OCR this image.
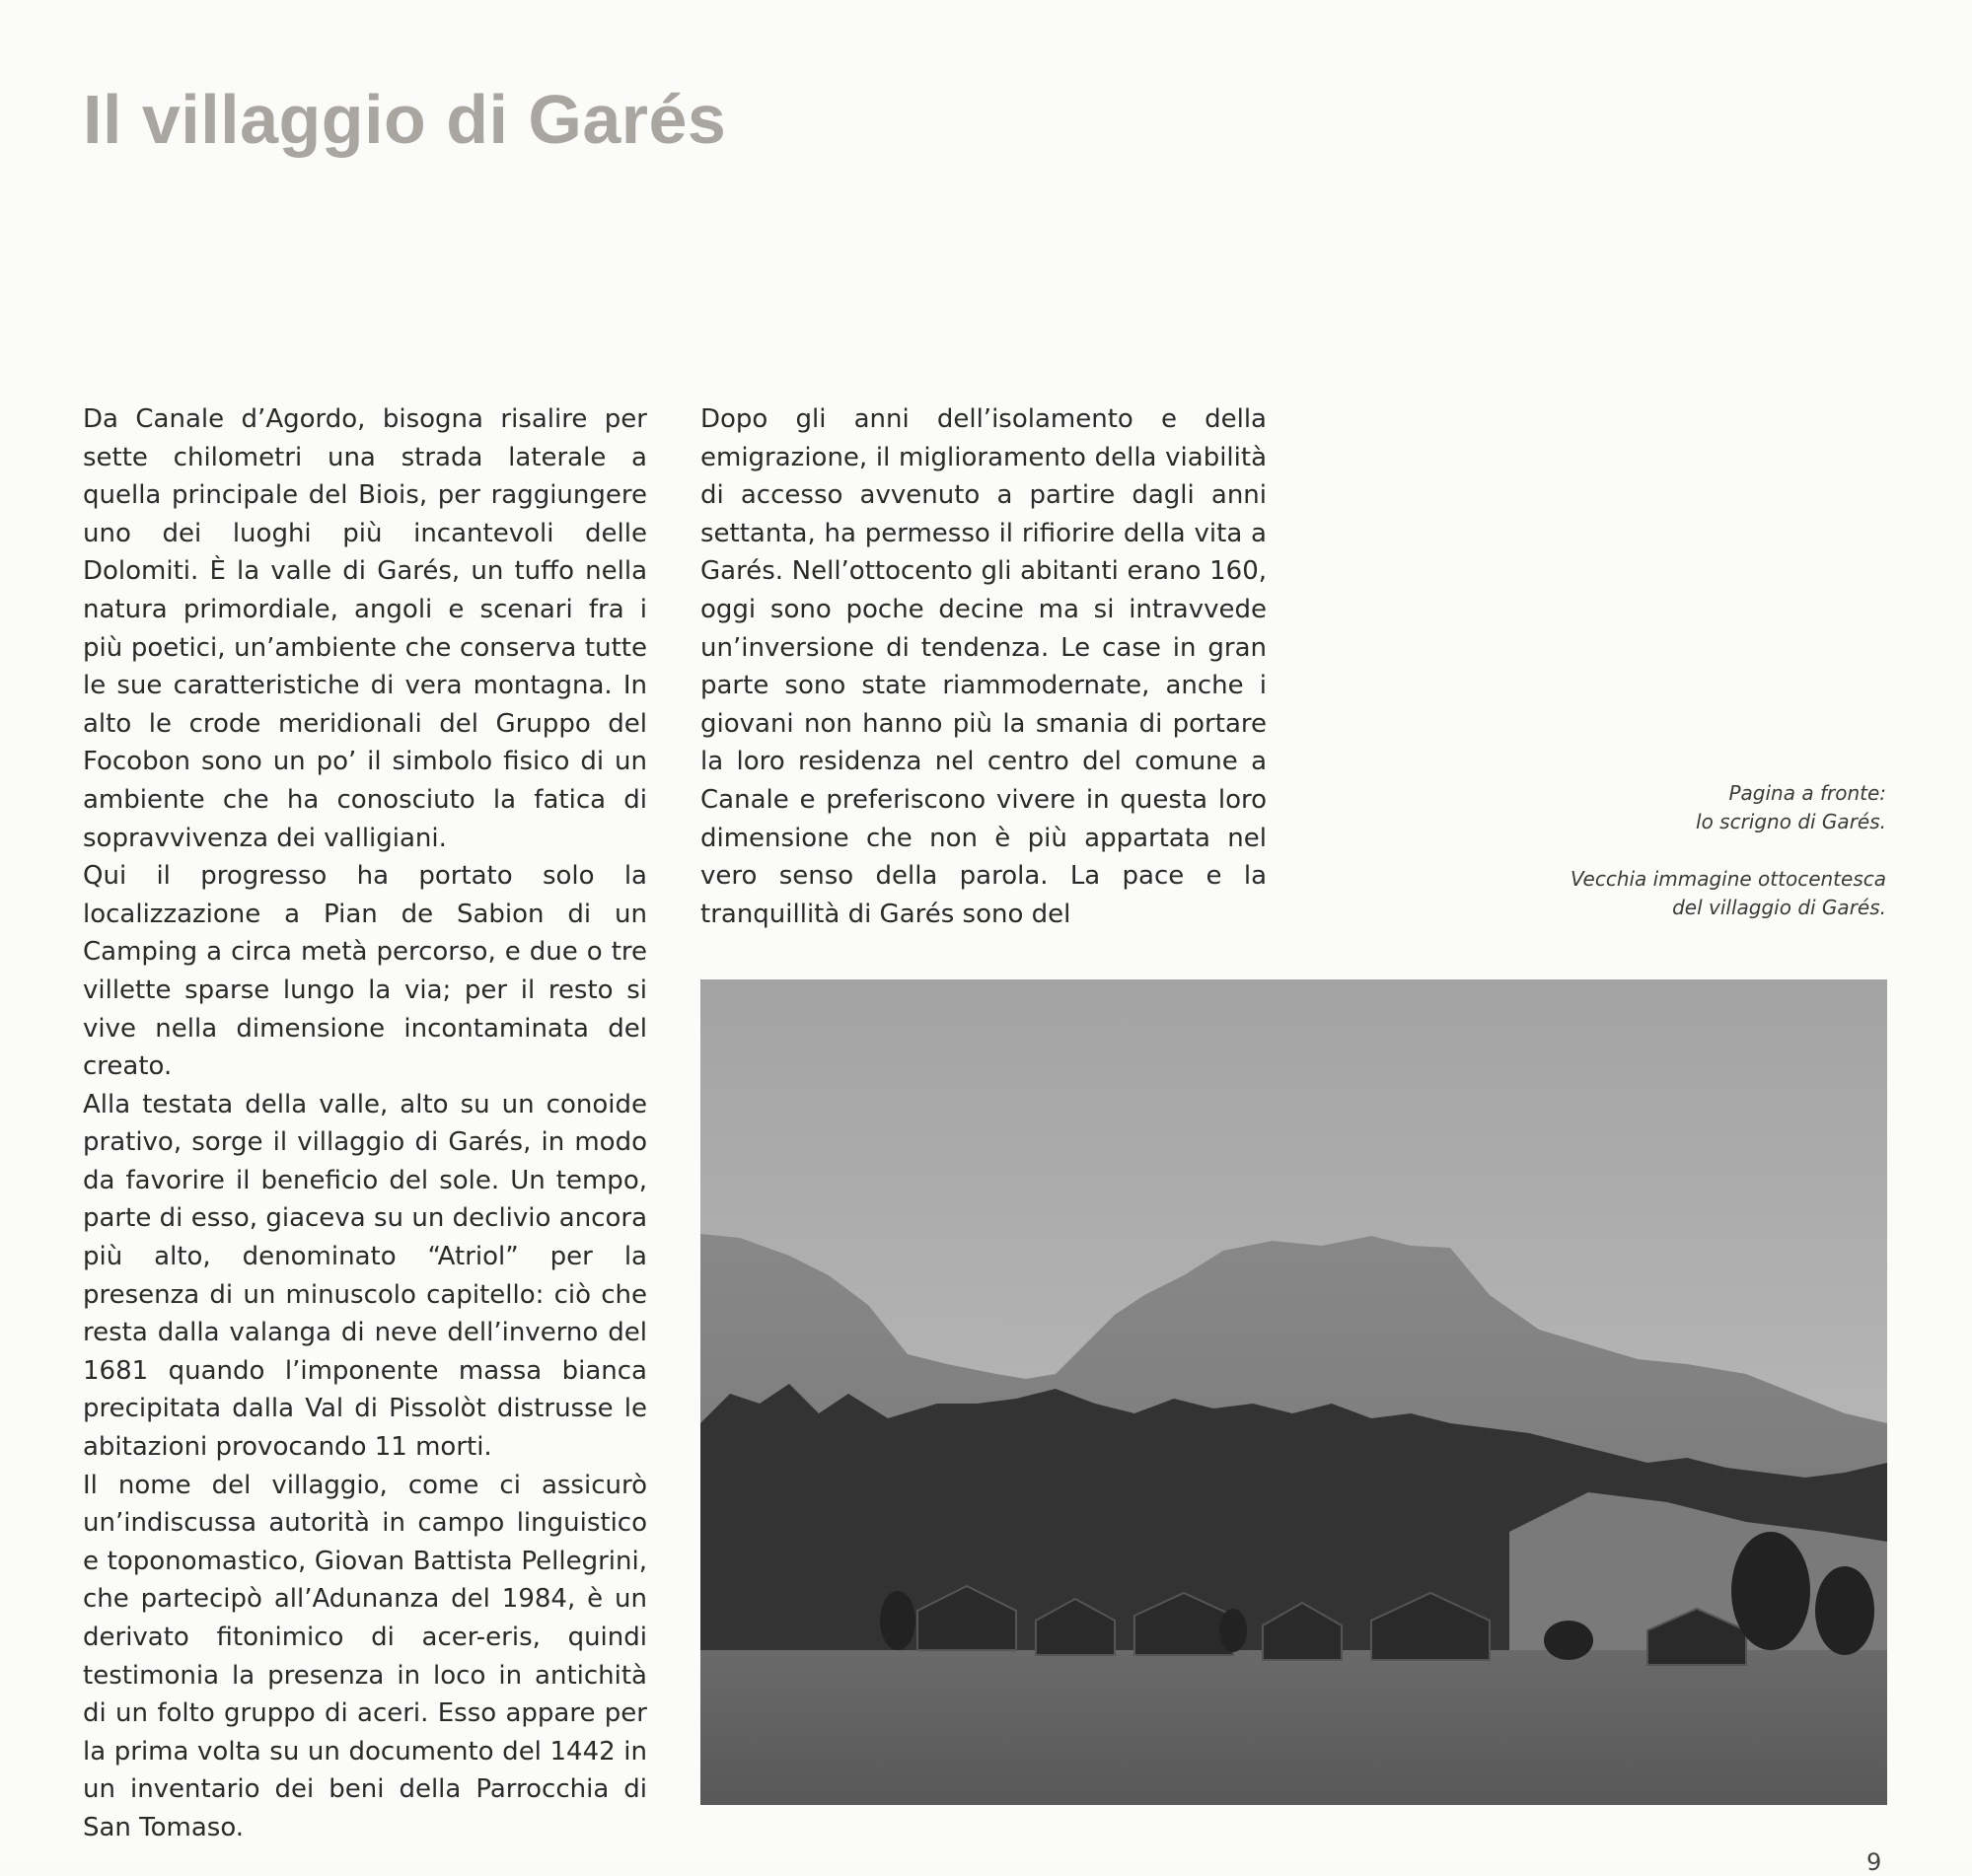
Il villaggio di Garés

Da Canale d’Agordo, bisogna risalire per sette chilometri una strada laterale a quella principale del Biois, per raggiungere uno dei luoghi più incantevoli delle Dolomiti. È la valle di Garés, un tuffo nella natura primordiale, angoli e scenari fra i più poetici, un’ambiente che conserva tutte le sue caratteristiche di vera montagna. In alto le crode meridionali del Gruppo del Focobon sono un po’ il simbolo fisico di un ambiente che ha conosciuto la fatica di sopravvivenza dei valligiani.

Qui il progresso ha portato solo la localizzazione a Pian de Sabion di un Camping a circa metà percorso, e due o tre villette sparse lungo la via; per il resto si vive nella dimensione incontaminata del creato.

Alla testata della valle, alto su un conoide prativo, sorge il villaggio di Garés, in modo da favorire il beneficio del sole. Un tempo, parte di esso, giaceva su un declivio ancora più alto, denominato “Atriol” per la presenza di un minuscolo capitello: ciò che resta dalla valanga di neve dell’inverno del 1681 quando l’imponente massa bianca precipitata dalla Val di Pissolòt distrusse le abitazioni provocando 11 morti.

Il nome del villaggio, come ci assicurò un’indiscussa autorità in campo linguistico e toponomastico, Giovan Battista Pellegrini, che partecipò all’Adunanza del 1984, è un derivato fitonimico di acer-eris, quindi testimonia la presenza in loco in antichità di un folto gruppo di aceri. Esso appare per la prima volta su un documento del 1442 in un inventario dei beni della Parrocchia di San Tomaso.

Dopo gli anni dell’isolamento e della emigrazione, il miglioramento della viabilità di accesso avvenuto a partire dagli anni settanta, ha permesso il rifiorire della vita a Garés. Nell’ottocento gli abitanti erano 160, oggi sono poche decine ma si intravvede un’inversione di tendenza. Le case in gran parte sono state riammodernate, anche i giovani non hanno più la smania di portare la loro residenza nel centro del comune a Canale e preferiscono vivere in questa loro dimensione che non è più appartata nel vero senso della parola. La pace e la tranquillità di Garés sono del

Pagina a fronte:

lo scrigno di Garés.

Vecchia immagine ottocentesca

del villaggio di Garés.

9
